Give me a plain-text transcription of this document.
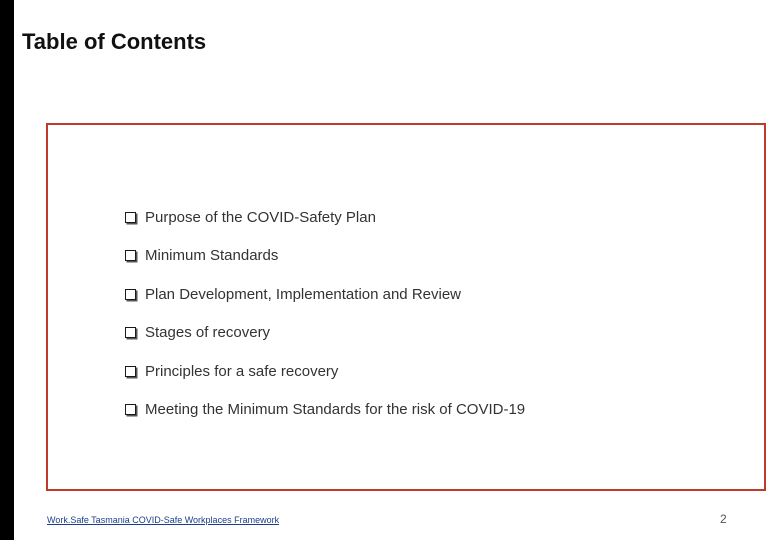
Table of Contents
Purpose of the COVID-Safety Plan
Minimum Standards
Plan Development, Implementation and Review
Stages of recovery
Principles for a safe recovery
Meeting the Minimum Standards for the risk of COVID-19
Work.Safe Tasmania COVID-Safe Workplaces Framework	2
